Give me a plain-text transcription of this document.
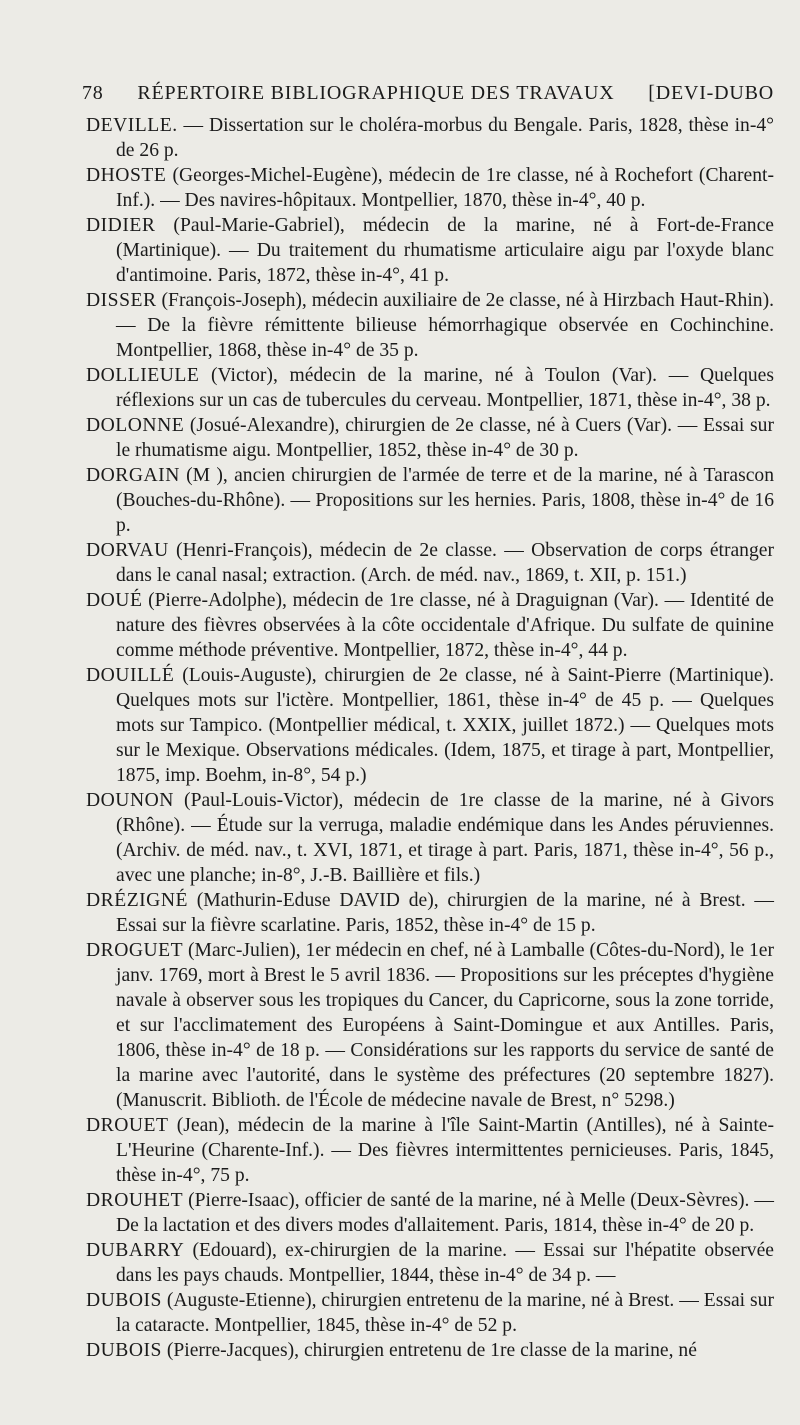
78 RÉPERTOIRE BIBLIOGRAPHIQUE DES TRAVAUX [DEVI-DUBO

DEVILLE. — Dissertation sur le choléra-morbus du Bengale. Paris, 1828, thèse in-4° de 26 p.

DHOSTE (Georges-Michel-Eugène), médecin de 1re classe, né à Rochefort (Charent-Inf.). — Des navires-hôpitaux. Montpellier, 1870, thèse in-4°, 40 p.

DIDIER (Paul-Marie-Gabriel), médecin de la marine, né à Fort-de-France (Martinique). — Du traitement du rhumatisme articulaire aigu par l'oxyde blanc d'antimoine. Paris, 1872, thèse in-4°, 41 p.

DISSER (François-Joseph), médecin auxiliaire de 2e classe, né à Hirzbach Haut-Rhin). — De la fièvre rémittente bilieuse hémorrhagique observée en Cochinchine. Montpellier, 1868, thèse in-4° de 35 p.

DOLLIEULE (Victor), médecin de la marine, né à Toulon (Var). — Quelques réflexions sur un cas de tubercules du cerveau. Montpellier, 1871, thèse in-4°, 38 p.

DOLONNE (Josué-Alexandre), chirurgien de 2e classe, né à Cuers (Var). — Essai sur le rhumatisme aigu. Montpellier, 1852, thèse in-4° de 30 p.

DORGAIN (M ), ancien chirurgien de l'armée de terre et de la marine, né à Tarascon (Bouches-du-Rhône). — Propositions sur les hernies. Paris, 1808, thèse in-4° de 16 p.

DORVAU (Henri-François), médecin de 2e classe. — Observation de corps étranger dans le canal nasal; extraction. (Arch. de méd. nav., 1869, t. XII, p. 151.)

DOUÉ (Pierre-Adolphe), médecin de 1re classe, né à Draguignan (Var). — Identité de nature des fièvres observées à la côte occidentale d'Afrique. Du sulfate de quinine comme méthode préventive. Montpellier, 1872, thèse in-4°, 44 p.

DOUILLÉ (Louis-Auguste), chirurgien de 2e classe, né à Saint-Pierre (Martinique). Quelques mots sur l'ictère. Montpellier, 1861, thèse in-4° de 45 p. — Quelques mots sur Tampico. (Montpellier médical, t. XXIX, juillet 1872.) — Quelques mots sur le Mexique. Observations médicales. (Idem, 1875, et tirage à part, Montpellier, 1875, imp. Boehm, in-8°, 54 p.)

DOUNON (Paul-Louis-Victor), médecin de 1re classe de la marine, né à Givors (Rhône). — Étude sur la verruga, maladie endémique dans les Andes péruviennes. (Archiv. de méd. nav., t. XVI, 1871, et tirage à part. Paris, 1871, thèse in-4°, 56 p., avec une planche; in-8°, J.-B. Baillière et fils.)

DRÉZIGNÉ (Mathurin-Eduse DAVID de), chirurgien de la marine, né à Brest. — Essai sur la fièvre scarlatine. Paris, 1852, thèse in-4° de 15 p.

DROGUET (Marc-Julien), 1er médecin en chef, né à Lamballe (Côtes-du-Nord), le 1er janv. 1769, mort à Brest le 5 avril 1836. — Propositions sur les préceptes d'hygiène navale à observer sous les tropiques du Cancer, du Capricorne, sous la zone torride, et sur l'acclimatement des Européens à Saint-Domingue et aux Antilles. Paris, 1806, thèse in-4° de 18 p. — Considérations sur les rapports du service de santé de la marine avec l'autorité, dans le système des préfectures (20 septembre 1827). (Manuscrit. Biblioth. de l'École de médecine navale de Brest, n° 5298.)

DROUET (Jean), médecin de la marine à l'île Saint-Martin (Antilles), né à Sainte-L'Heurine (Charente-Inf.). — Des fièvres intermittentes pernicieuses. Paris, 1845, thèse in-4°, 75 p.

DROUHET (Pierre-Isaac), officier de santé de la marine, né à Melle (Deux-Sèvres). — De la lactation et des divers modes d'allaitement. Paris, 1814, thèse in-4° de 20 p.

DUBARRY (Edouard), ex-chirurgien de la marine. — Essai sur l'hépatite observée dans les pays chauds. Montpellier, 1844, thèse in-4° de 34 p. —

DUBOIS (Auguste-Etienne), chirurgien entretenu de la marine, né à Brest. — Essai sur la cataracte. Montpellier, 1845, thèse in-4° de 52 p.

DUBOIS (Pierre-Jacques), chirurgien entretenu de 1re classe de la marine, né
